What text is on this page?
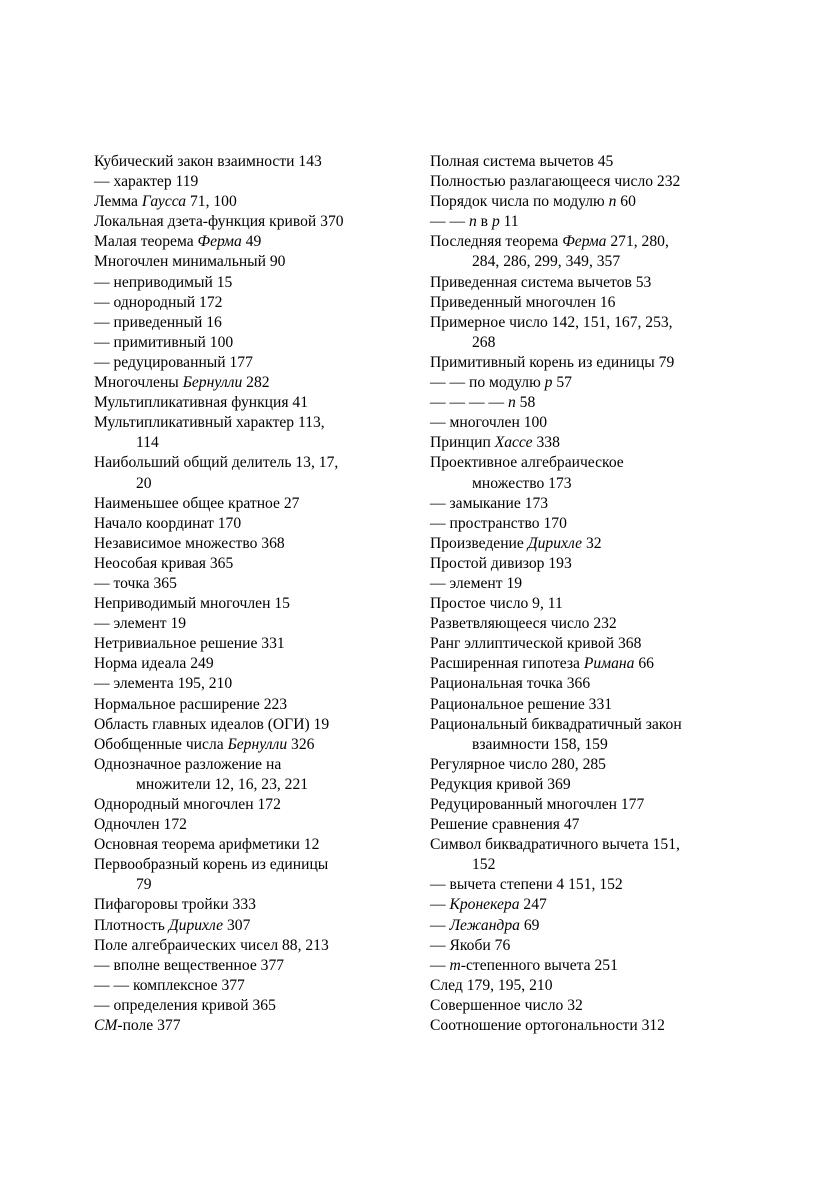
Кубический закон взаимности 143
— характер 119
Лемма Гаусса 71, 100
Локальная дзета-функция кривой 370
Малая теорема Ферма 49
Многочлен минимальный 90
— неприводимый 15
— однородный 172
— приведенный 16
— примитивный 100
— редуцированный 177
Многочлены Бернулли 282
Мультипликативная функция 41
Мультипликативный характер 113,
114
Наибольший общий делитель 13, 17,
20
Наименьшее общее кратное 27
Начало координат 170
Независимое множество 368
Неособая кривая 365
— точка 365
Неприводимый многочлен 15
— элемент 19
Нетривиальное решение 331
Норма идеала 249
— элемента 195, 210
Нормальное расширение 223
Область главных идеалов (ОГИ) 19
Обобщенные числа Бернулли 326
Однозначное разложение на
множители 12, 16, 23, 221
Однородный многочлен 172
Одночлен 172
Основная теорема арифметики 12
Первообразный корень из единицы
79
Пифагоровы тройки 333
Плотность Дирихле 307
Поле алгебраических чисел 88, 213
— вполне вещественное 377
— — комплексное 377
— определения кривой 365
CM-поле 377
Полная система вычетов 45
Полностью разлагающееся число 232
Порядок числа по модулю n 60
— — n в p 11
Последняя теорема Ферма 271, 280,
284, 286, 299, 349, 357
Приведенная система вычетов 53
Приведенный многочлен 16
Примерное число 142, 151, 167, 253,
268
Примитивный корень из единицы 79
— — по модулю p 57
— — — — n 58
— многочлен 100
Принцип Хассе 338
Проективное алгебраическое
множество 173
— замыкание 173
— пространство 170
Произведение Дирихле 32
Простой дивизор 193
— элемент 19
Простое число 9, 11
Разветвляющееся число 232
Ранг эллиптической кривой 368
Расширенная гипотеза Римана 66
Рациональная точка 366
Рациональное решение 331
Рациональный биквадратичный закон
взаимности 158, 159
Регулярное число 280, 285
Редукция кривой 369
Редуцированный многочлен 177
Решение сравнения 47
Символ биквадратичного вычета 151,
152
— вычета степени 4 151, 152
— Кронекера 247
— Лежандра 69
— Якоби 76
— m-степенного вычета 251
След 179, 195, 210
Совершенное число 32
Соотношение ортогональности 312
